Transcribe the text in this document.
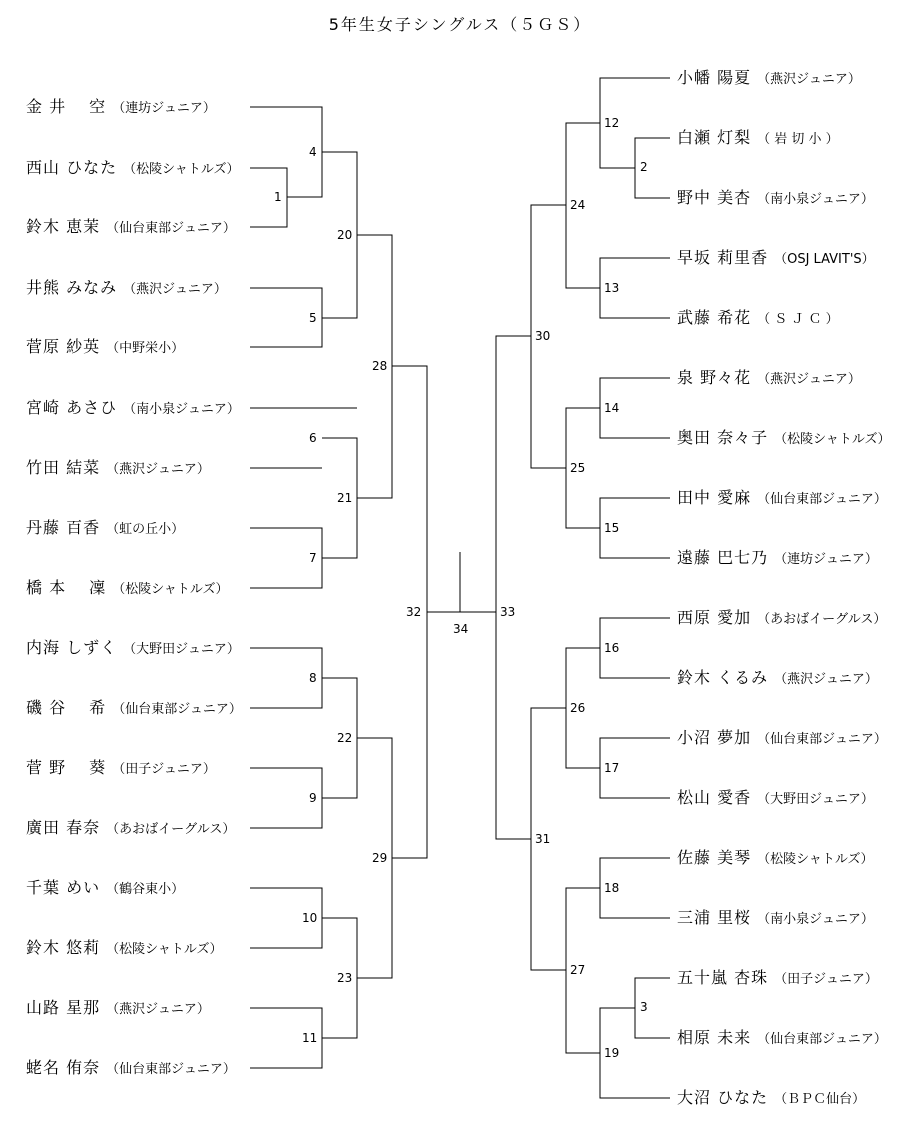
5年生女子シングルス（５ＧＳ）
金 井　 空 （連坊ジュニア）
西山 ひなた （松陵シャトルズ）
鈴木 恵茉 （仙台東部ジュニア）
井熊 みなみ （燕沢ジュニア）
菅原 紗英 （中野栄小）
宮崎 あさひ （南小泉ジュニア）
竹田 結菜 （燕沢ジュニア）
丹藤 百香 （虹の丘小）
橋 本　 凜 （松陵シャトルズ）
内海 しずく （大野田ジュニア）
磯 谷　 希 （仙台東部ジュニア）
菅 野　 葵 （田子ジュニア）
廣田 春奈 （あおばイーグルス）
千葉 めい （鶴谷東小）
鈴木 悠莉 （松陵シャトルズ）
山路 星那 （燕沢ジュニア）
蛯名 侑奈 （仙台東部ジュニア）
小幡 陽夏 （燕沢ジュニア）
白瀬 灯梨 （ 岩 切 小 ）
野中 美杏 （南小泉ジュニア）
早坂 莉里香 （OSJ LAVIT'S）
武藤 希花 （ Ｓ Ｊ Ｃ ）
泉 野々花 （燕沢ジュニア）
奥田 奈々子 （松陵シャトルズ）
田中 愛麻 （仙台東部ジュニア）
遠藤 巴七乃 （連坊ジュニア）
西原 愛加 （あおばイーグルス）
鈴木 くるみ （燕沢ジュニア）
小沼 夢加 （仙台東部ジュニア）
松山 愛香 （大野田ジュニア）
佐藤 美琴 （松陵シャトルズ）
三浦 里桜 （南小泉ジュニア）
五十嵐 杏珠 （田子ジュニア）
相原 未来 （仙台東部ジュニア）
大沼 ひなた （ＢＰＣ仙台）
1
4
5
6
7
8
9
10
11
20
21
22
23
28
29
32
34
33
30
31
24
25
26
27
12
13
14
15
16
17
18
19
2
3
